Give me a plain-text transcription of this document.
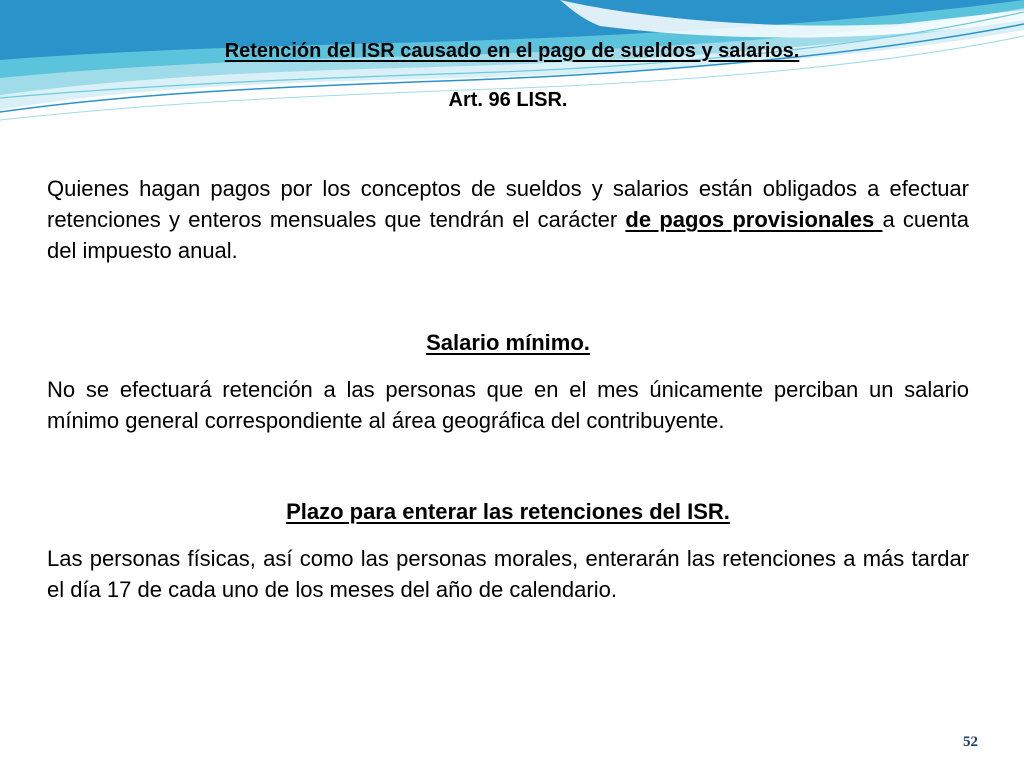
Retención del ISR causado en el pago de sueldos y salarios.
Art. 96 LISR.

Quienes hagan pagos por los conceptos de sueldos y salarios están obligados a efectuar retenciones y enteros mensuales que tendrán el carácter de pagos provisionales a cuenta del impuesto anual.

Salario mínimo.

No se efectuará retención a las personas que en el mes únicamente perciban un salario mínimo general correspondiente al área geográfica del contribuyente.

Plazo para enterar las retenciones del ISR.

Las personas físicas, así como las personas morales, enterarán las retenciones a más tardar el día 17 de cada uno de los meses del año de calendario.

52
